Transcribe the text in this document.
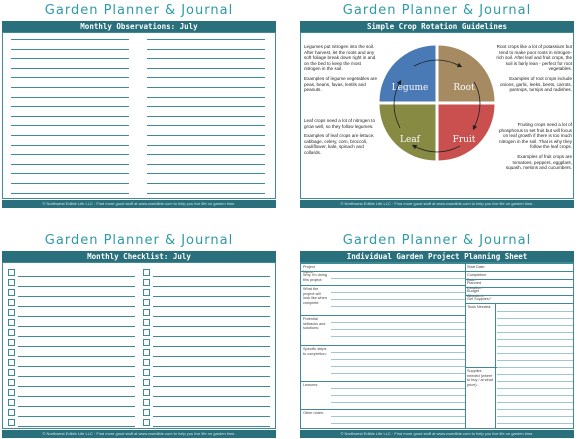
Garden Planner & Journal
Monthly Observations: July
© Northwest Edible Life LLC · Find more good stuff at www.nwedible.com to help you live life on garden time.
Garden Planner & Journal
Simple Crop Rotation Guidelines
Legumes put nitrogen into the soil. After harvest, let the roots and any soft foliage break down right in and on the bed to keep the most nitrogen in the soil.
Examples of legume vegetables are peas, beans, favas, lentils and peanuts.
Leaf crops need a lot of nitrogen to grow well, so they follow legumes.
Examples of leaf crops are lettuce, cabbage, celery, corn, broccoli, cauliflower, kale, spinach and collards.
Root crops like a lot of potassium but tend to make poor roots in nitrogen-rich soil. After leaf and fruit crops, the soil is fairly lean - perfect for root vegetables.
Examples of root crops include onions, garlic, leeks, beets, carrots, parsnips, turnips and radishes.
Fruiting crops need a lot of phosphorus to set fruit but will focus on leaf growth if there is too much nitrogen in the soil. That is why they follow the leaf crops.
Examples of fruit crops are tomatoes, peppers, eggplant, squash, melons and cucumbers.
Legume	Root
Fruit
Leaf
© Northwest Edible Life LLC · Find more good stuff at www.nwedible.com to help you live life on garden time.
Garden Planner & Journal
Monthly Checklist: July
© Northwest Edible Life LLC · Find more good stuff at www.nwedible.com to help you live life on garden time.
Garden Planner & Journal
Individual Garden Project Planning Sheet
Project Name:
Why I'm doing this project:
What the project will look like when complete:
Potential setbacks and solutions:
Specific steps to completion:
Lessons:
Other notes:
Start Date:
Completion Date:
Planned Location:
Budget Allocated:
Get Supplies?
Tools Needed:
Supplies needed (where to buy / at what price):
© Northwest Edible Life LLC · Find more good stuff at www.nwedible.com to help you live life on garden time.
